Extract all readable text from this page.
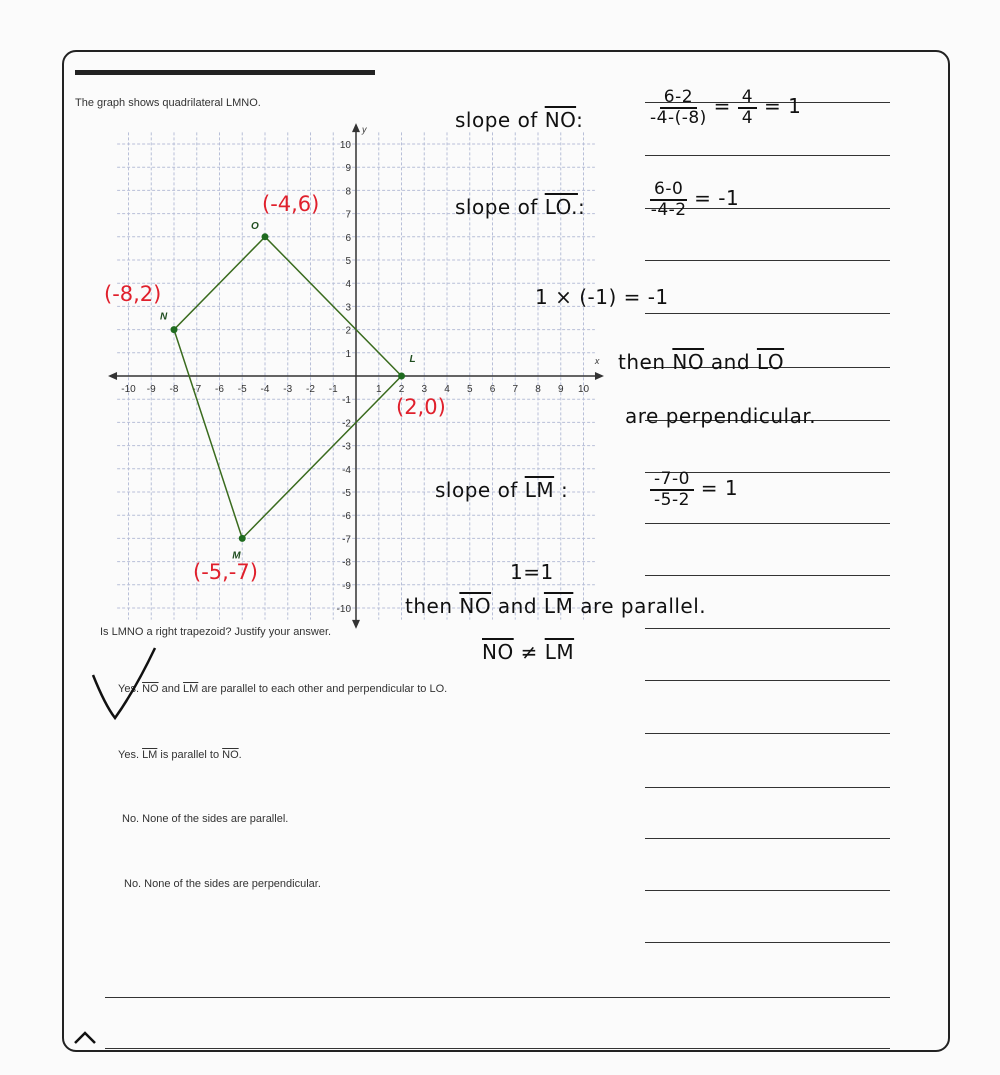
The graph shows quadrilateral LMNO.
-10 -9 -8 -7 -6 -5 -4 -3 -2 -1	1 2 3 4 5 6 7 8 9 10
10
9
8
7
6
5
4
3
2
1
-1
-2
-3
-4
-5
-6
-7
-8
-9
-10
x
y
L
M
N
O
(-4,6)
(-8,2)
(2,0)
(-5,-7)
slope of $\overline{NO}$:	$\frac{6-2}{-4-(-8)} = \frac{4}{4} = 1$
slope of LO.:	$\frac{6-0}{-4-2} = -1$
1 × (-1) = -1
then $\overline{NO}$ and $\overline{LO}$
are perpendicular.
slope of $\overline{LM}$ :	$\frac{-7-0}{-5-2} = 1$
1=1
then $\overline{NO}$ and $\overline{LM}$ are parallel.
$\overline{NO} \ne \overline{LM}$
Is LMNO a right trapezoid? Justify your answer.
Yes. $\overline{NO}$ and $\overline{LM}$ are parallel to each other and perpendicular to LO.
Yes. $\overline{LM}$ is parallel to $\overline{NO}$.
No. None of the sides are parallel.
No. None of the sides are perpendicular.
